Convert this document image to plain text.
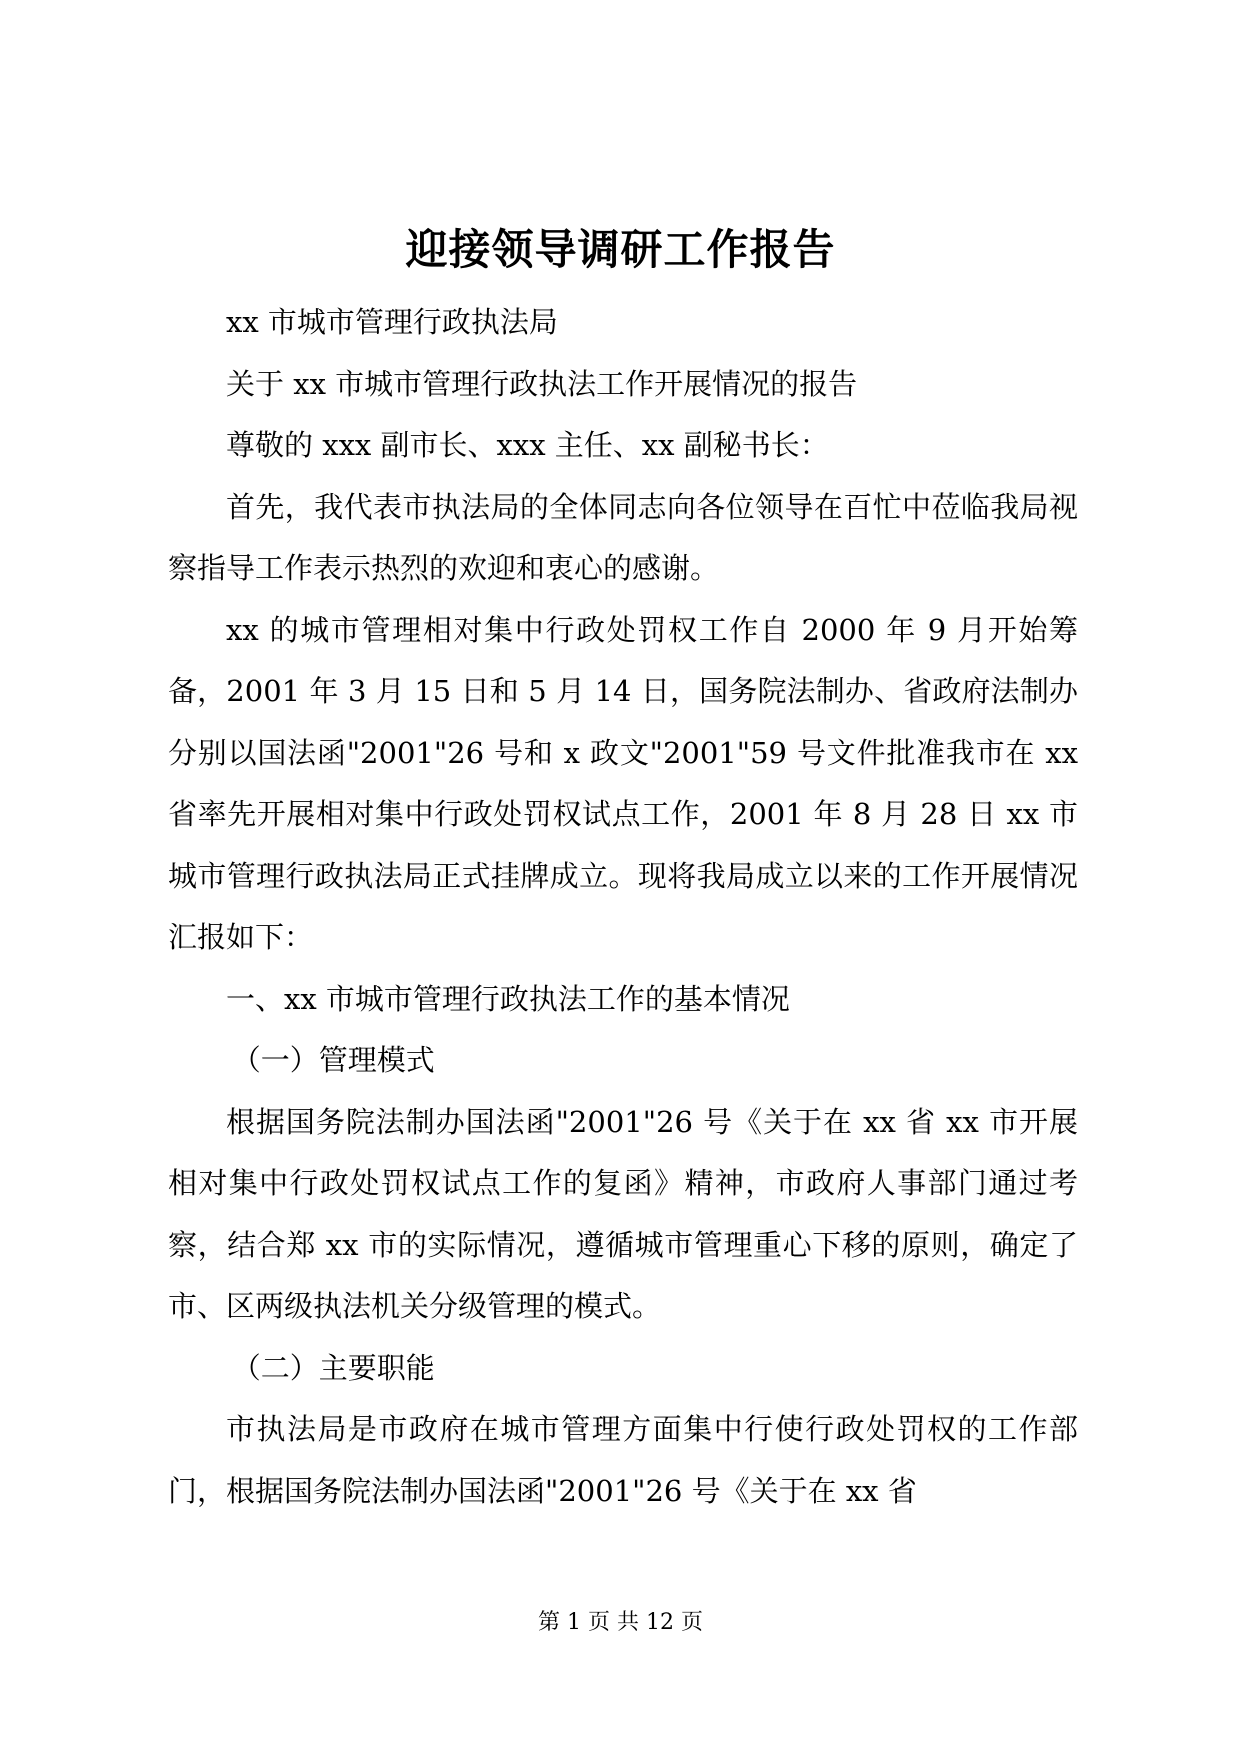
迎接领导调研工作报告

xx 市城市管理行政执法局

关于 xx 市城市管理行政执法工作开展情况的报告

尊敬的 xxx 副市长、xxx 主任、xx 副秘书长：

首先，我代表市执法局的全体同志向各位领导在百忙中莅临我局视察指导工作表示热烈的欢迎和衷心的感谢。

xx 的城市管理相对集中行政处罚权工作自 2000 年 9 月开始筹备，2001 年 3 月 15 日和 5 月 14 日，国务院法制办、省政府法制办分别以国法函"2001"26 号和 x 政文"2001"59 号文件批准我市在 xx 省率先开展相对集中行政处罚权试点工作，2001 年 8 月 28 日 xx 市城市管理行政执法局正式挂牌成立。现将我局成立以来的工作开展情况汇报如下：

一、xx 市城市管理行政执法工作的基本情况

（一）管理模式

根据国务院法制办国法函"2001"26 号《关于在 xx 省 xx 市开展相对集中行政处罚权试点工作的复函》精神，市政府人事部门通过考察，结合郑 xx 市的实际情况，遵循城市管理重心下移的原则，确定了市、区两级执法机关分级管理的模式。

（二）主要职能

市执法局是市政府在城市管理方面集中行使行政处罚权的工作部门，根据国务院法制办国法函"2001"26 号《关于在 xx 省

第 1 页 共 12 页
